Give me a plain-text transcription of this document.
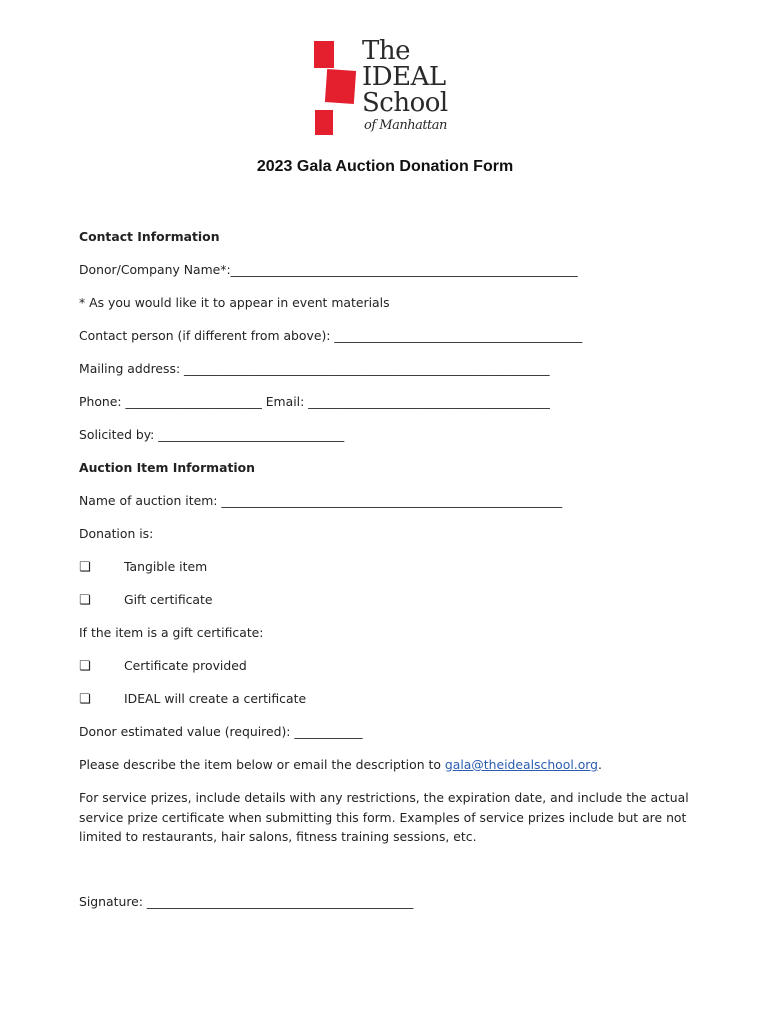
The
IDEAL
School
of Manhattan
2023 Gala Auction Donation Form
Contact Information
Donor/Company Name*:________________________________________________________
* As you would like it to appear in event materials
Contact person (if different from above): ________________________________________
Mailing address: ___________________________________________________________
Phone: ______________________ Email: _______________________________________
Solicited by: ______________________________
Auction Item Information
Name of auction item: _______________________________________________________
Donation is:
❏	Tangible item
❏	Gift certificate
If the item is a gift certificate:
❏	Certificate provided
❏	IDEAL will create a certificate
Donor estimated value (required): ___________
Please describe the item below or email the description to gala@theidealschool.org.
For service prizes, include details with any restrictions, the expiration date, and include the actual service prize certificate when submitting this form. Examples of service prizes include but are not limited to restaurants, hair salons, fitness training sessions, etc.
Signature: ___________________________________________
